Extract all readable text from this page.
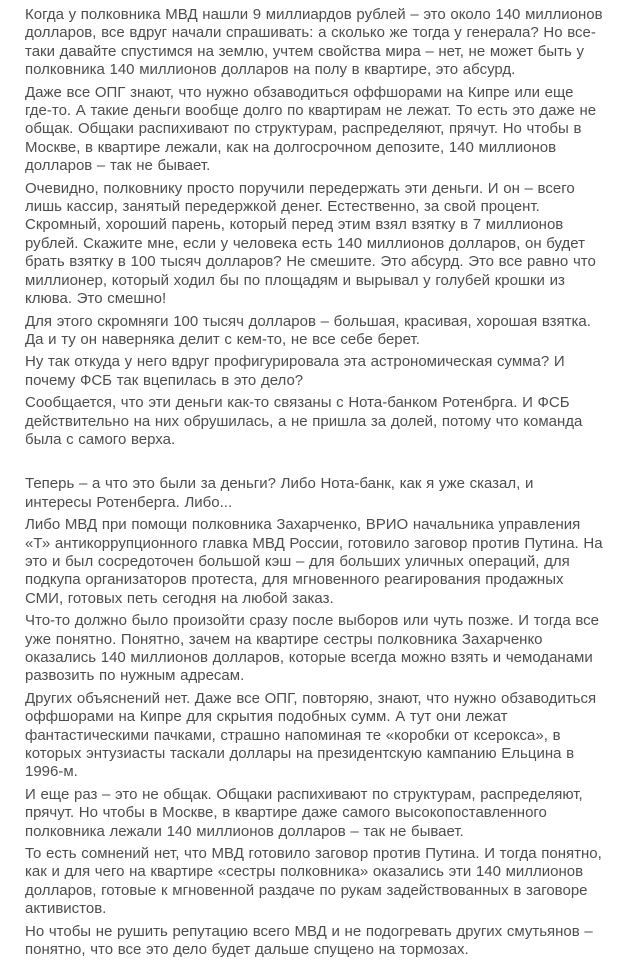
Когда у полковника МВД нашли 9 миллиардов рублей – это около 140 миллионов долларов, все вдруг начали спрашивать: а сколько же тогда у генерала? Но все-таки давайте спустимся на землю, учтем свойства мира – нет, не может быть у полковника 140 миллионов долларов на полу в квартире, это абсурд.

Даже все ОПГ знают, что нужно обзаводиться оффшорами на Кипре или еще где-то. А такие деньги вообще долго по квартирам не лежат. То есть это даже не общак. Общаки распихивают по структурам, распределяют, прячут. Но чтобы в Москве, в квартире лежали, как на долгосрочном депозите, 140 миллионов долларов – так не бывает.

Очевидно, полковнику просто поручили передержать эти деньги. И он – всего лишь кассир, занятый передержкой денег. Естественно, за свой процент. Скромный, хороший парень, который перед этим взял взятку в 7 миллионов рублей. Скажите мне, если у человека есть 140 миллионов долларов, он будет брать взятку в 100 тысяч долларов? Не смешите. Это абсурд. Это все равно что миллионер, который ходил бы по площадям и вырывал у голубей крошки из клюва. Это смешно!

Для этого скромняги 100 тысяч долларов – большая, красивая, хорошая взятка. Да и ту он наверняка делит с кем-то, не все себе берет.

Ну так откуда у него вдруг профигурировала эта астрономическая сумма? И почему ФСБ так вцепилась в это дело?

Сообщается, что эти деньги как-то связаны с Нота-банком Ротенбрга. И ФСБ действительно на них обрушилась, а не пришла за долей, потому что команда была с самого верха.

Теперь – а что это были за деньги? Либо Нота-банк, как я уже сказал, и интересы Ротенберга. Либо...

Либо МВД при помощи полковника Захарченко, ВРИО начальника управления «Т» антикоррупционного главка МВД России, готовило заговор против Путина. На это и был сосредоточен большой кэш – для больших уличных операций, для подкупа организаторов протеста, для мгновенного реагирования продажных СМИ, готовых петь сегодня на любой заказ.

Что-то должно было произойти сразу после выборов или чуть позже. И тогда все уже понятно. Понятно, зачем на квартире сестры полковника Захарченко оказались 140 миллионов долларов, которые всегда можно взять и чемоданами развозить по нужным адресам.

Других объяснений нет. Даже все ОПГ, повторяю, знают, что нужно обзаводиться оффшорами на Кипре для скрытия подобных сумм. А тут они лежат фантастическими пачками, страшно напоминая те «коробки от ксерокса», в которых энтузиасты таскали доллары на президентскую кампанию Ельцина в 1996-м.

И еще раз – это не общак. Общаки распихивают по структурам, распределяют, прячут. Но чтобы в Москве, в квартире даже самого высокопоставленного полковника лежали 140 миллионов долларов – так не бывает.

То есть сомнений нет, что МВД готовило заговор против Путина. И тогда понятно, как и для чего на квартире «сестры полковника» оказались эти 140 миллионов долларов, готовые к мгновенной раздаче по рукам задействованных в заговоре активистов.

Но чтобы не рушить репутацию всего МВД и не подогревать других смутьянов – понятно, что все это дело будет дальше спущено на тормозах.
